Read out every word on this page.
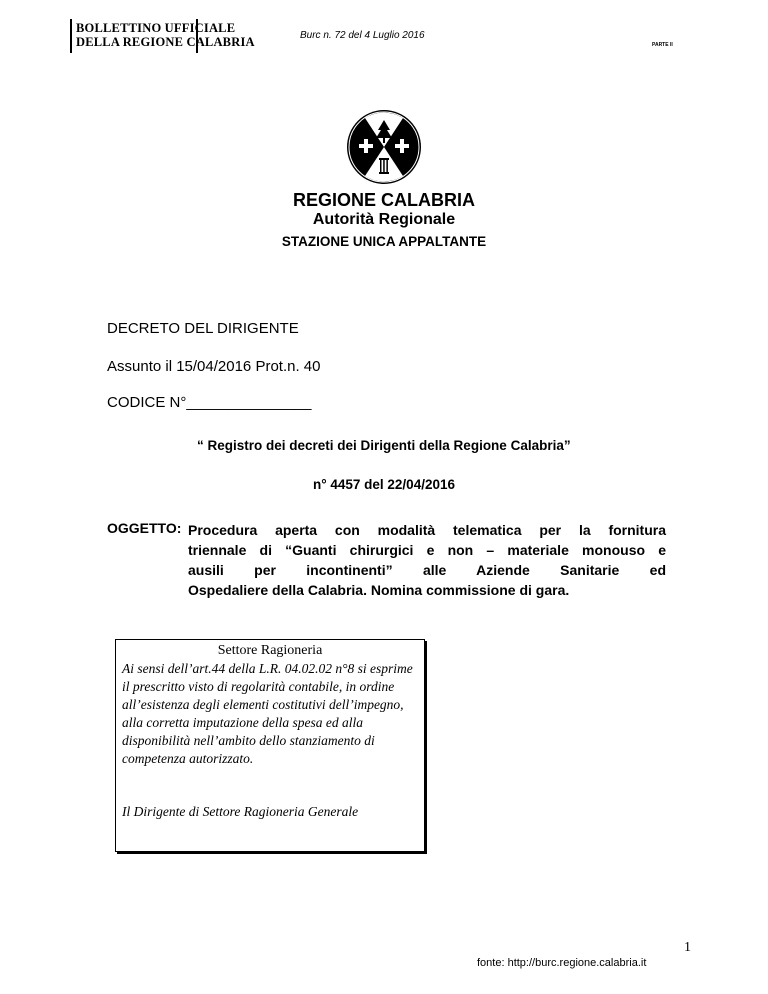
BOLLETTINO UFFICIALE
DELLA REGIONE CALABRIA	Burc n. 72 del 4 Luglio 2016
PARTE II
REGIONE CALABRIA
Autorità Regionale
STAZIONE UNICA APPALTANTE
DECRETO DEL DIRIGENTE
Assunto il 15/04/2016 Prot.n. 40
CODICE N°_______________
“ Registro dei decreti dei Dirigenti della Regione Calabria”
n° 4457 del 22/04/2016
OGGETTO: Procedura aperta con modalità telematica per la fornitura
triennale di “Guanti chirurgici e non – materiale monouso e
ausili per incontinenti” alle Aziende Sanitarie ed
Ospedaliere della Calabria. Nomina commissione di gara.
Settore Ragioneria
Ai sensi dell’art.44 della L.R. 04.02.02 n°8 si esprime il prescritto visto di regolarità contabile, in ordine all’esistenza degli elementi costitutivi dell’impegno, alla corretta imputazione della spesa ed alla disponibilità nell’ambito dello stanziamento di competenza autorizzato.
Il Dirigente di Settore Ragioneria Generale
1
fonte: http://burc.regione.calabria.it
